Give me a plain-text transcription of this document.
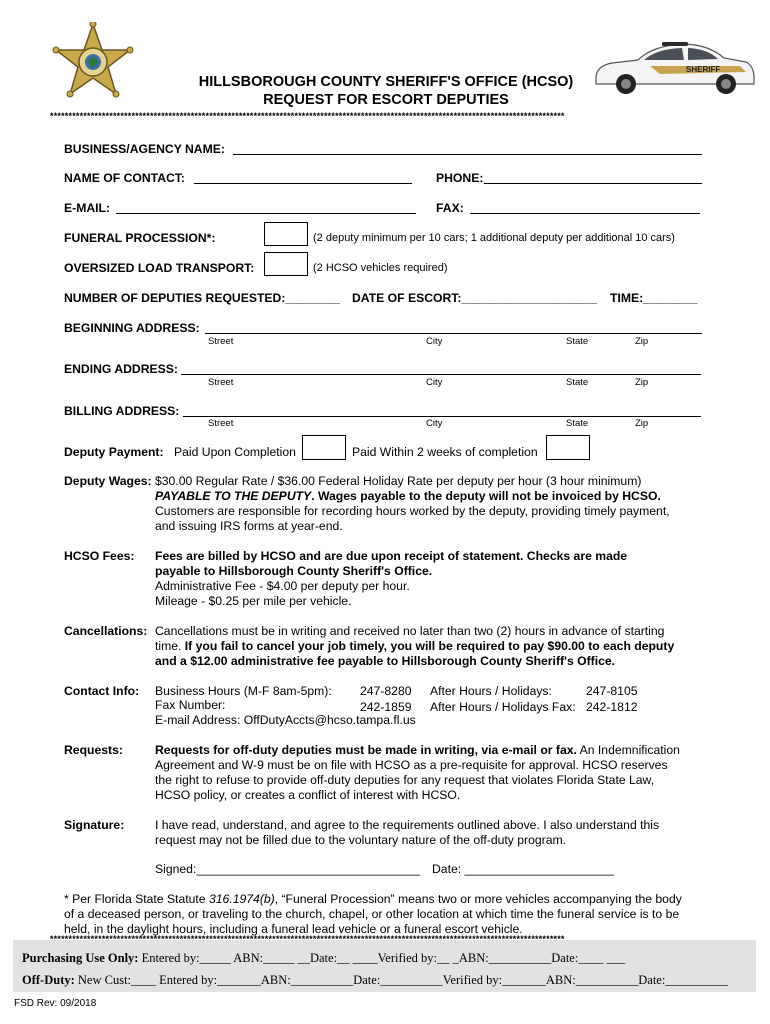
SHERIFF
HILLSBOROUGH COUNTY SHERIFF'S OFFICE (HCSO)
REQUEST FOR ESCORT DEPUTIES
*******************************************************************************************************************************************
BUSINESS/AGENCY NAME:
NAME OF CONTACT:	PHONE:
E-MAIL:	FAX:
FUNERAL PROCESSION*:	(2 deputy minimum per 10 cars; 1 additional deputy per additional 10 cars)
OVERSIZED LOAD TRANSPORT:	(2 HCSO vehicles required)
NUMBER OF DEPUTIES REQUESTED:________ DATE OF ESCORT:____________________ TIME:________
BEGINNING ADDRESS:
Street	City	State	Zip
ENDING ADDRESS:
Street	City	State	Zip
BILLING ADDRESS:
Street	City	State	Zip
Deputy Payment: Paid Upon Completion	Paid Within 2 weeks of completion
Deputy Wages: $30.00 Regular Rate / $36.00 Federal Holiday Rate per deputy per hour (3 hour minimum)
PAYABLE TO THE DEPUTY. Wages payable to the deputy will not be invoiced by HCSO.
Customers are responsible for recording hours worked by the deputy, providing timely payment,
and issuing IRS forms at year-end.
HCSO Fees: Fees are billed by HCSO and are due upon receipt of statement. Checks are made
payable to Hillsborough County Sheriff's Office.
Administrative Fee - $4.00 per deputy per hour.
Mileage - $0.25 per mile per vehicle.
Cancellations: Cancellations must be in writing and received no later than two (2) hours in advance of starting
time. If you fail to cancel your job timely, you will be required to pay $90.00 to each deputy
and a $12.00 administrative fee payable to Hillsborough County Sheriff's Office.
Contact Info: Business Hours (M-F 8am-5pm): 247-8280 After Hours / Holidays:	247-8105
Fax Number:	242-1859 After Hours / Holidays Fax: 242-1812
E-mail Address: OffDutyAccts@hcso.tampa.fl.us
Requests:	Requests for off-duty deputies must be made in writing, via e-mail or fax. An Indemnification
Agreement and W-9 must be on file with HCSO as a pre-requisite for approval. HCSO reserves
the right to refuse to provide off-duty deputies for any request that violates Florida State Law,
HCSO policy, or creates a conflict of interest with HCSO.
Signature:	I have read, understand, and agree to the requirements outlined above. I also understand this
request may not be filled due to the voluntary nature of the off-duty program.
Signed:_________________________________ Date: ______________________
* Per Florida State Statute 316.1974(b), “Funeral Procession” means two or more vehicles accompanying the body
of a deceased person, or traveling to the church, chapel, or other location at which time the funeral service is to be
held, in the daylight hours, including a funeral lead vehicle or a funeral escort vehicle.
*******************************************************************************************************************************************
Purchasing Use Only: Entered by:_____ ABN:_____ __Date:__ ____Verified by:__ _ABN:__________Date:____ ___
Off-Duty: New Cust:____ Entered by:_______ABN:__________Date:__________Verified by:_______ABN:__________Date:__________
FSD Rev: 09/2018
